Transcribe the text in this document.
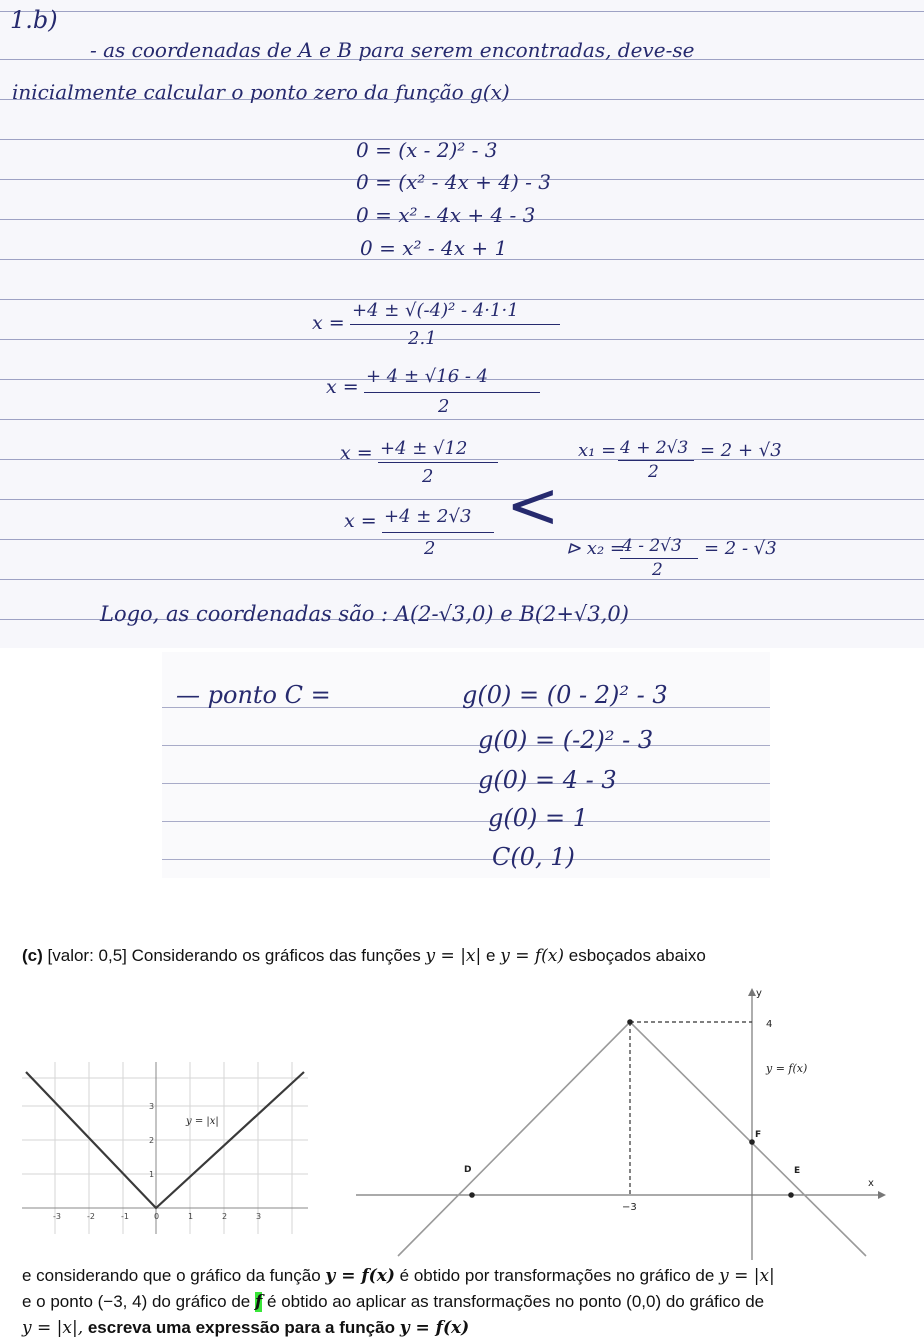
1.b)
- as coordenadas de A e B para serem encontradas, deve-se
inicialmente calcular o ponto zero da função g(x)
0 = (x - 2)² - 3
0 = (x² - 4x + 4) - 3
0 = x² - 4x + 4 - 3
0 = x² - 4x + 1
x =
+4 ± √(-4)² - 4·1·1
2.1
x = + 4 ± √16 - 4
2
x = +4 ± √12
2
x = +4 ± 2√3
2
<
x₁ = 4 + 2√3
2
= 2 + √3
⊳ x₂ =
4 - 2√3
2
= 2 - √3
Logo, as coordenadas são : A(2-√3,0) e B(2+√3,0)
— ponto C =	g(0) = (0 - 2)² - 3
g(0) = (-2)² - 3
g(0) = 4 - 3
g(0) = 1
C(0, 1)
(c) [valor: 0,5] Considerando os gráficos das funções y = |x| e y = f(x) esboçados abaixo
y = |x|
-3	-2	-1	0	1	2	3
1
2
3
y
x
D	E
F
4
−3
y = f(x)
e considerando que o gráfico da função y = f(x) é obtido por transformações no gráfico de y = |x|
e o ponto (−3, 4) do gráfico de f é obtido ao aplicar as transformações no ponto (0,0) do gráfico de
y = |x|, escreva uma expressão para a função y = f(x)
